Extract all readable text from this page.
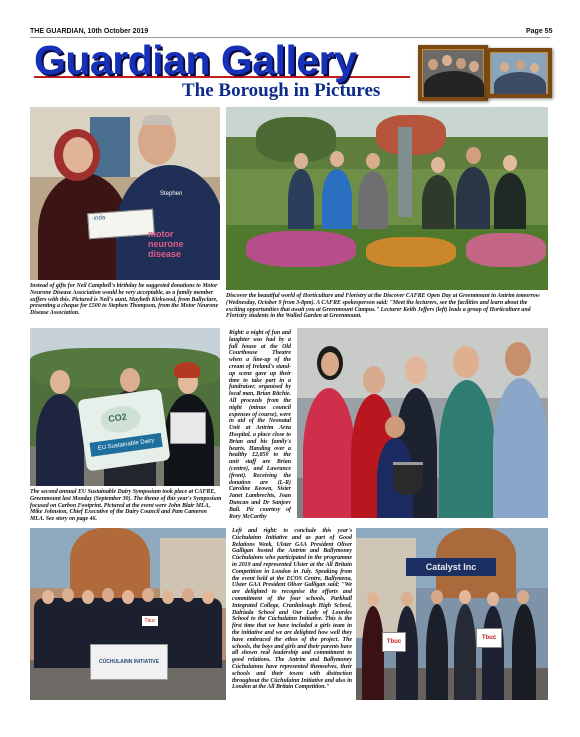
THE GUARDIAN, 10th October 2019	Page 55
Guardian Gallery
The Borough in Pictures
·ında
Stephen
motor neurone disease
Instead of gifts for Neil Campbell's birthday he suggested donations to Motor Neurone Disease Association would be very acceptable, as a family member suffers with this. Pictured is Neil's aunt, Maybeth Kirkwood, from Ballyclare, presenting a cheque for £500 to Stephen Thompson, from the Motor Neurone Disease Association.
Discover the beautiful world of Horticulture and Floristry at the Discover CAFRE Open Day at Greenmount in Antrim tomorrow (Wednesday, October 9 from 3-8pm). A CAFRE spokesperson said: "Meet the lecturers, see the facilities and learn about the exciting opportunities that await you at Greenmount Campus." Lecturer Keith Jeffers (left) leads a group of Horticulture and Floristry students in the Walled Garden at Greenmount.
CO2
EU Sustainable Dairy
The second annual EU Sustainable Dairy Symposium took place at CAFRE, Greenmount last Monday (September 30). The theme of this year's Symposium focused on Carbon Footprint. Pictured at the event were John Blair MLA, Mike Johnston, Chief Executive of the Dairy Council and Pam Cameron MLA. See story on page 46.
Right: a night of fun and laughter was had by a full house at the Old Courthouse Theatre when a line-up of the cream of Ireland's stand-up scene gave up their time to take part in a fundraiser, organised by local man, Brian Ritchie. All proceeds from the night (minus council expenses of course), were in aid of the Neonatal Unit at Antrim Area Hospital, a place close to Brian and his family's hearts. Handing over a healthy £2,850 to the unit staff are Brian (centre), and Lawrance (front). Receiving the donation are (L-R) Caroline Keown, Sister Janet Lambrechts, Joan Duncan and Dr Sanjeev Bali. Pic courtesy of Rory McCarthy
CÚCHULAINN INITIATIVE
Tbuc
Left and right: to conclude this year's Cúchulainn Initiative and as part of Good Relations Week, Ulster GAA President Oliver Galligan hosted the Antrim and Ballymoney Cúchulainns who participated in the programme in 2019 and represented Ulster at the All Britain Competition in London in July. Speaking from the event held at the ECOS Centre, Ballymena, Ulster GAA President Oliver Galligan said; "We are delighted to recognise the efforts and commitment of the four schools, Parkhall Integrated College, Cranlinlough High School, Dalriada School and Our Lady of Lourdes School to the Cúchulainn Initiative. This is the first time that we have included a girls team in the initiative and we are delighted how well they have embraced the ethos of the project. The schools, the boys and girls and their parents have all shown real leadership and commitment to good relations. The Antrim and Ballymoney Cúchulainns have represented themselves, their schools and their towns with distinction throughout the Cúchulainn Initiative and also in London at the All Britain Competition."
Catalyst Inc
Tbuc
Tbuc
